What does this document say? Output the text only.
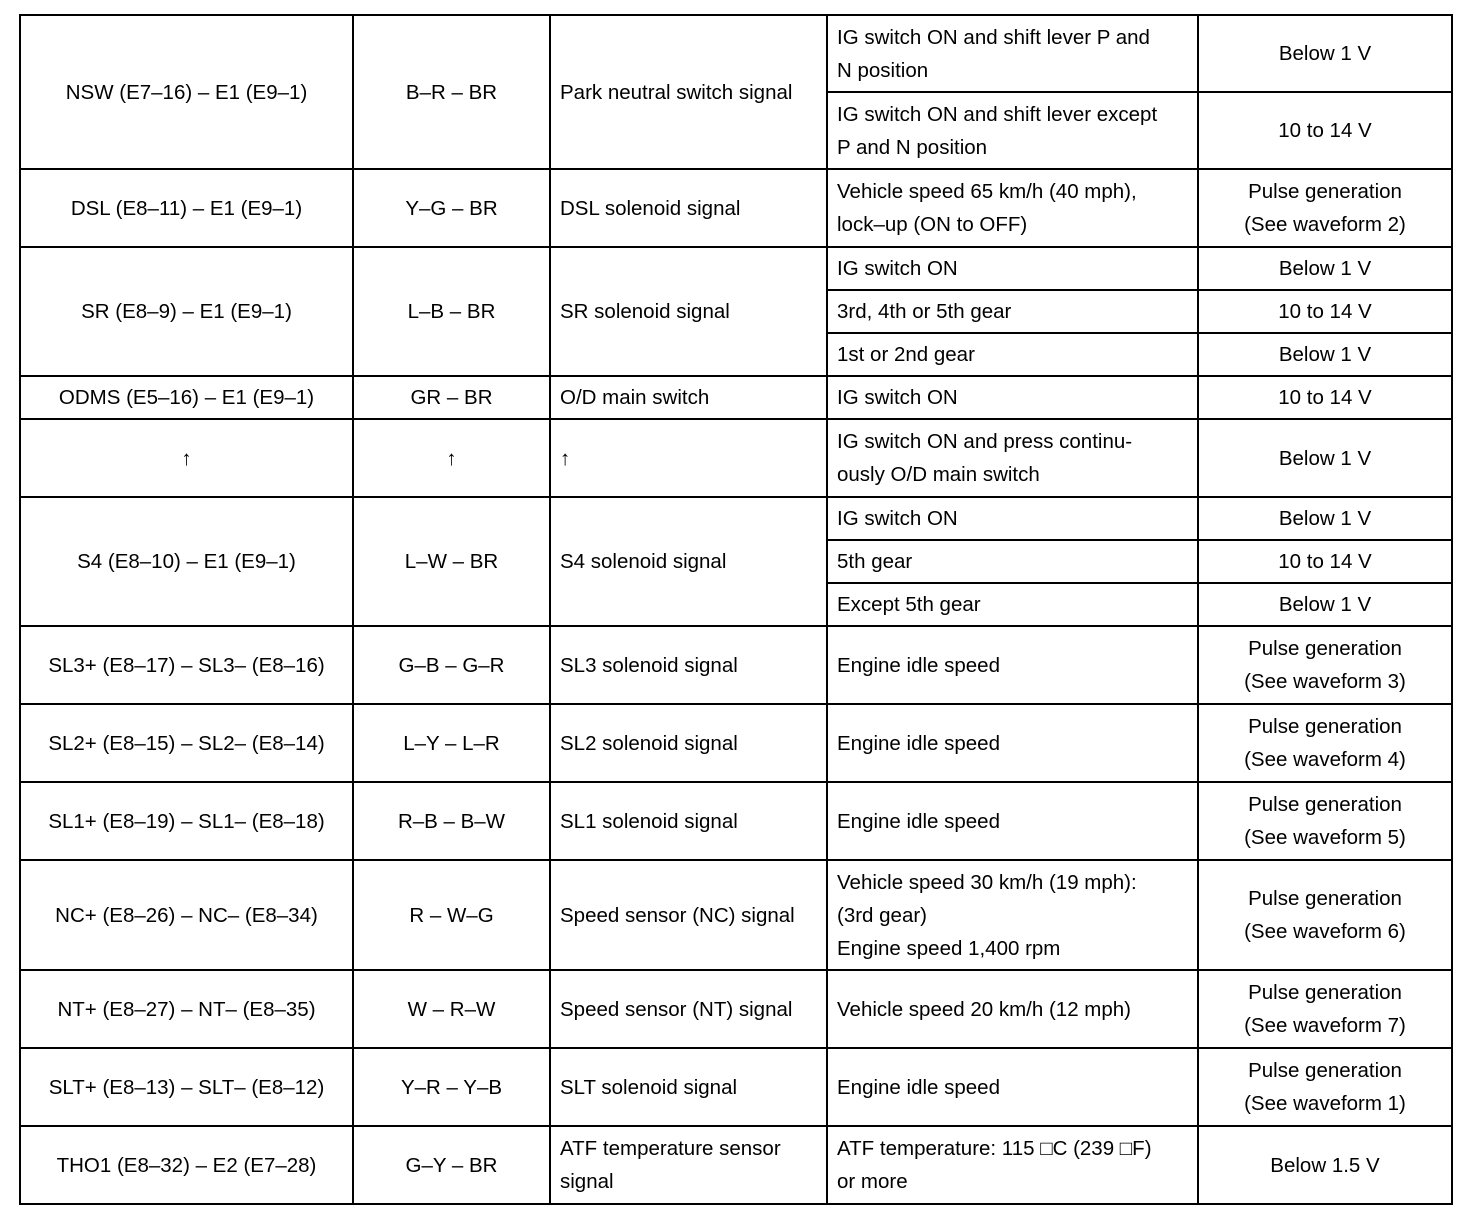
NSW (E7–16) – E1 (E9–1)	B–R – BR	Park neutral switch signal	IG switch ON and shift lever P and
N position	Below 1 V

			IG switch ON and shift lever except
P and N position	10 to 14 V

DSL (E8–11) – E1 (E9–1)	Y–G – BR	DSL solenoid signal	Vehicle speed 65 km/h (40 mph),
lock–up (ON to OFF)	Pulse generation
(See waveform 2)

SR (E8–9) – E1 (E9–1)	L–B – BR	SR solenoid signal	IG switch ON	Below 1 V

			3rd, 4th or 5th gear	10 to 14 V

			1st or 2nd gear	Below 1 V

ODMS (E5–16) – E1 (E9–1)	GR – BR	O/D main switch	IG switch ON	10 to 14 V

↑	↑	↑	IG switch ON and press continu-
ously O/D main switch	Below 1 V

S4 (E8–10) – E1 (E9–1)	L–W – BR	S4 solenoid signal	IG switch ON	Below 1 V

			5th gear	10 to 14 V

			Except 5th gear	Below 1 V

SL3+ (E8–17) – SL3– (E8–16)	G–B – G–R	SL3 solenoid signal	Engine idle speed	Pulse generation
(See waveform 3)

SL2+ (E8–15) – SL2– (E8–14)	L–Y – L–R	SL2 solenoid signal	Engine idle speed	Pulse generation
(See waveform 4)

SL1+ (E8–19) – SL1– (E8–18)	R–B – B–W	SL1 solenoid signal	Engine idle speed	Pulse generation
(See waveform 5)

NC+ (E8–26) – NC– (E8–34)	R – W–G	Speed sensor (NC) signal	Vehicle speed 30 km/h (19 mph):
(3rd gear)
Engine speed 1,400 rpm	Pulse generation
(See waveform 6)

NT+ (E8–27) – NT– (E8–35)	W – R–W	Speed sensor (NT) signal	Vehicle speed 20 km/h (12 mph)	Pulse generation
(See waveform 7)

SLT+ (E8–13) – SLT– (E8–12)	Y–R – Y–B	SLT solenoid signal	Engine idle speed	Pulse generation
(See waveform 1)

THO1 (E8–32) – E2 (E7–28)	G–Y – BR	ATF temperature sensor
signal	ATF temperature: 115 □C (239 □F)
or more	Below 1.5 V
